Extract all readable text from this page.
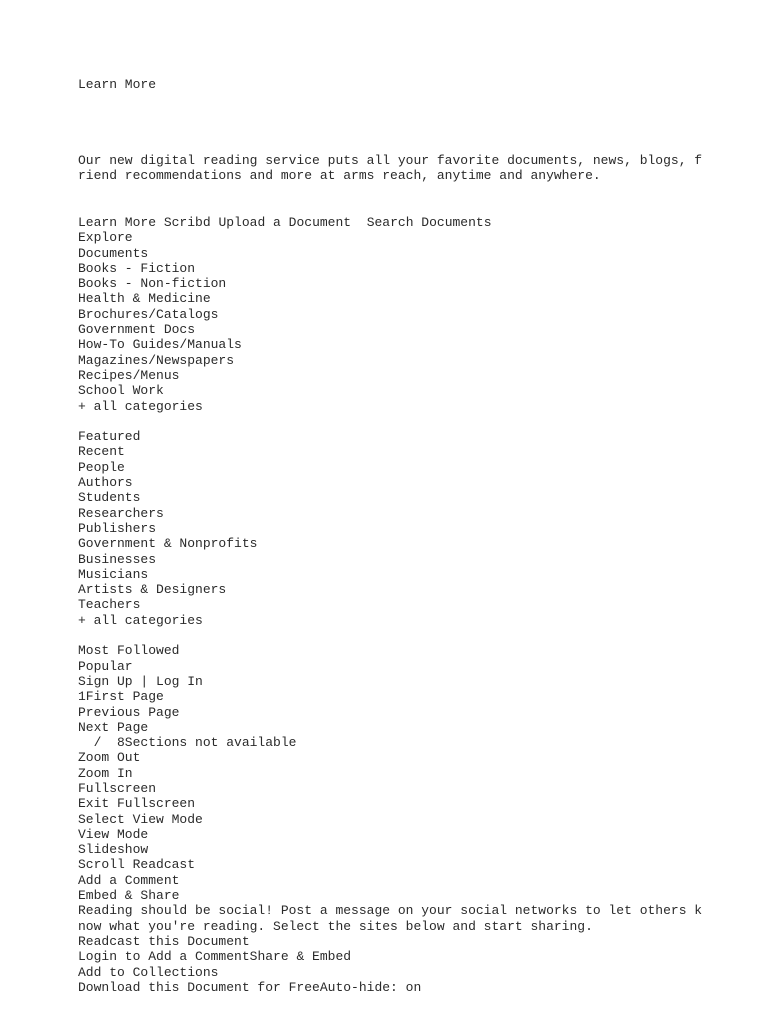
Learn More
Our new digital reading service puts all your favorite documents, news, blogs, f
riend recommendations and more at arms reach, anytime and anywhere.
Learn More Scribd Upload a Document Search Documents
Explore
Documents
Books - Fiction
Books - Non-fiction
Health & Medicine
Brochures/Catalogs
Government Docs
How-To Guides/Manuals
Magazines/Newspapers
Recipes/Menus
School Work
+ all categories
Featured
Recent
People
Authors
Students
Researchers
Publishers
Government & Nonprofits
Businesses
Musicians
Artists & Designers
Teachers
+ all categories
Most Followed
Popular
Sign Up | Log In
1First Page
Previous Page
Next Page
/  8Sections not available
Zoom Out
Zoom In
Fullscreen
Exit Fullscreen
Select View Mode
View Mode
Slideshow
Scroll Readcast
Add a Comment
Embed & Share
Reading should be social! Post a message on your social networks to let others k
now what you're reading. Select the sites below and start sharing.
Readcast this Document
Login to Add a CommentShare & Embed
Add to Collections
Download this Document for FreeAuto-hide: on
